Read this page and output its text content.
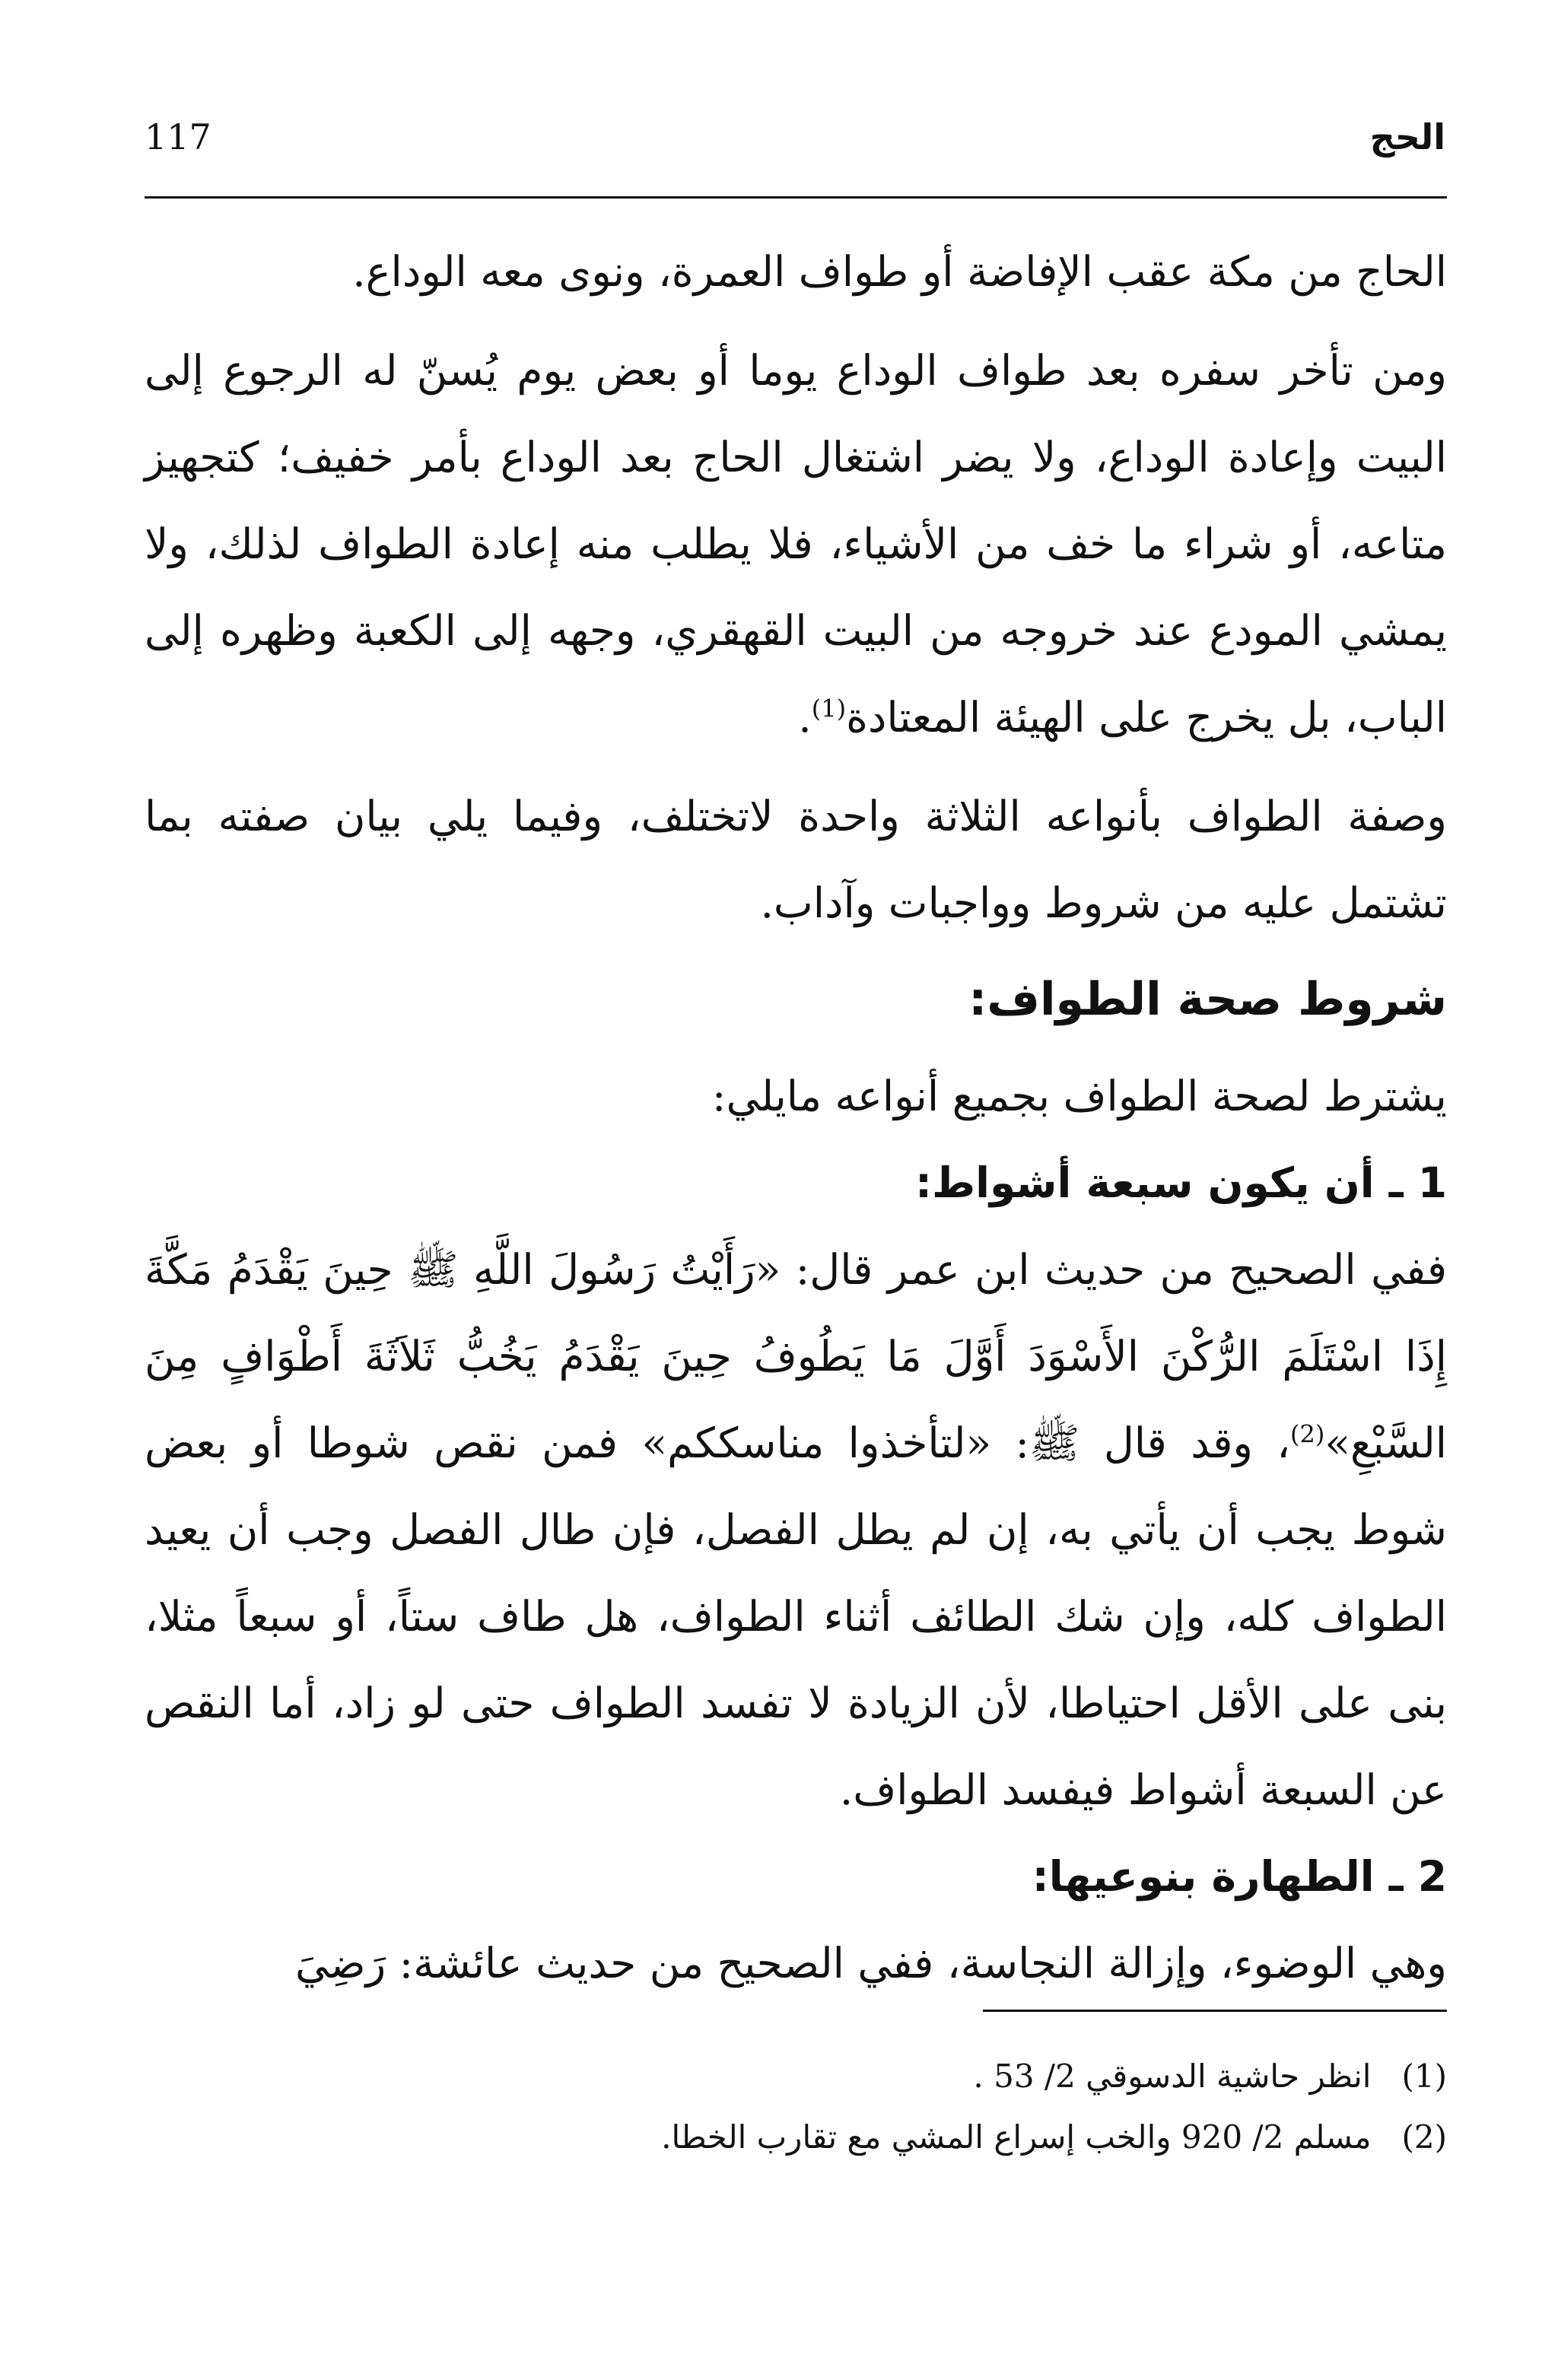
117	الحج

الحاج من مكة عقب الإفاضة أو طواف العمرة، ونوى معه الوداع.

ومن تأخر سفره بعد طواف الوداع يوما أو بعض يوم يُسنّ له الرجوع إلى البيت وإعادة الوداع، ولا يضر اشتغال الحاج بعد الوداع بأمر خفيف؛ كتجهيز متاعه، أو شراء ما خف من الأشياء، فلا يطلب منه إعادة الطواف لذلك، ولا يمشي المودع عند خروجه من البيت القهقري، وجهه إلى الكعبة وظهره إلى الباب، بل يخرج على الهيئة المعتادة$^{(1)}$.

وصفة الطواف بأنواعه الثلاثة واحدة لاتختلف، وفيما يلي بيان صفته بما تشتمل عليه من شروط وواجبات وآداب.

شروط صحة الطواف:

يشترط لصحة الطواف بجميع أنواعه مايلي:

1 ـ أن يكون سبعة أشواط:

ففي الصحيح من حديث ابن عمر قال: «رَأَيْتُ رَسُولَ اللَّهِ ﷺ حِينَ يَقْدَمُ مَكَّةَ إِذَا اسْتَلَمَ الرُّكْنَ الأَسْوَدَ أَوَّلَ مَا يَطُوفُ حِينَ يَقْدَمُ يَخُبُّ ثَلاَثَةَ أَطْوَافٍ مِنَ السَّبْعِ»$^{(2)}$، وقد قال ﷺ: «لتأخذوا مناسككم» فمن نقص شوطا أو بعض شوط يجب أن يأتي به، إن لم يطل الفصل، فإن طال الفصل وجب أن يعيد الطواف كله، وإن شك الطائف أثناء الطواف، هل طاف ستاً، أو سبعاً مثلا، بنى على الأقل احتياطا، لأن الزيادة لا تفسد الطواف حتى لو زاد، أما النقص عن السبعة أشواط فيفسد الطواف.

2 ـ الطهارة بنوعيها:

وهي الوضوء، وإزالة النجاسة، ففي الصحيح من حديث عائشة: رَضِيَ

(1)انظر حاشية الدسوقي 2/ 53 .
(2)مسلم 2/ 920 والخب إسراع المشي مع تقارب الخطا.
